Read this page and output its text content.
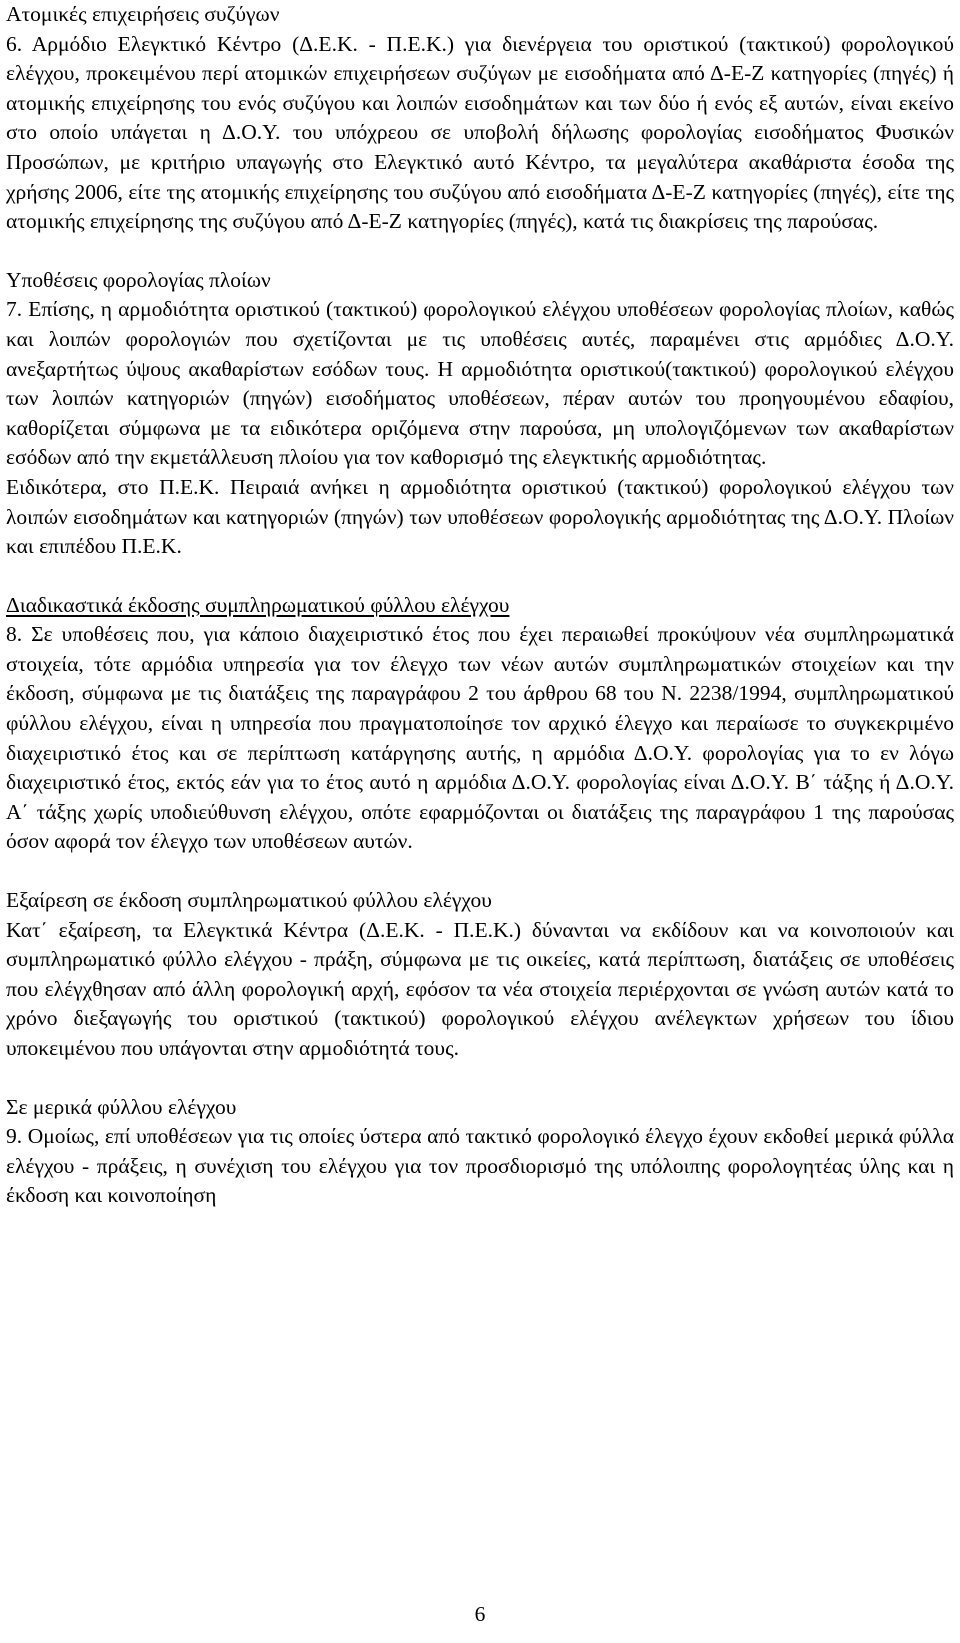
Ατομικές επιχειρήσεις συζύγων

6. Αρμόδιο Ελεγκτικό Κέντρο (Δ.Ε.Κ. - Π.Ε.Κ.) για διενέργεια του οριστικού (τακτικού) φορολογικού ελέγχου, προκειμένου περί ατομικών επιχειρήσεων συζύγων με εισοδήματα από Δ-Ε-Ζ κατηγορίες (πηγές) ή ατομικής επιχείρησης του ενός συζύγου και λοιπών εισοδημάτων και των δύο ή ενός εξ αυτών, είναι εκείνο στο οποίο υπάγεται η Δ.Ο.Υ. του υπόχρεου σε υποβολή δήλωσης φορολογίας εισοδήματος Φυσικών Προσώπων, με κριτήριο υπαγωγής στο Ελεγκτικό αυτό Κέντρο, τα μεγαλύτερα ακαθάριστα έσοδα της χρήσης 2006, είτε της ατομικής επιχείρησης του συζύγου από εισοδήματα Δ-Ε-Ζ κατηγορίες (πηγές), είτε της ατομικής επιχείρησης της συζύγου από Δ-Ε-Ζ κατηγορίες (πηγές), κατά τις διακρίσεις της παρούσας.

Υποθέσεις φορολογίας πλοίων

7. Επίσης, η αρμοδιότητα οριστικού (τακτικού) φορολογικού ελέγχου υποθέσεων φορολογίας πλοίων, καθώς και λοιπών φορολογιών που σχετίζονται με τις υποθέσεις αυτές, παραμένει στις αρμόδιες Δ.Ο.Υ. ανεξαρτήτως ύψους ακαθαρίστων εσόδων τους. Η αρμοδιότητα οριστικού(τακτικού) φορολογικού ελέγχου των λοιπών κατηγοριών (πηγών) εισοδήματος υποθέσεων, πέραν αυτών του προηγουμένου εδαφίου, καθορίζεται σύμφωνα με τα ειδικότερα οριζόμενα στην παρούσα, μη υπολογιζόμενων των ακαθαρίστων εσόδων από την εκμετάλλευση πλοίου για τον καθορισμό της ελεγκτικής αρμοδιότητας.

Ειδικότερα, στο Π.Ε.Κ. Πειραιά ανήκει η αρμοδιότητα οριστικού (τακτικού) φορολογικού ελέγχου των λοιπών εισοδημάτων και κατηγοριών (πηγών) των υποθέσεων φορολογικής αρμοδιότητας της Δ.Ο.Υ. Πλοίων και επιπέδου Π.Ε.Κ.

Διαδικαστικά έκδοσης συμπληρωματικού φύλλου ελέγχου

8. Σε υποθέσεις που, για κάποιο διαχειριστικό έτος που έχει περαιωθεί προκύψουν νέα συμπληρωματικά στοιχεία, τότε αρμόδια υπηρεσία για τον έλεγχο των νέων αυτών συμπληρωματικών στοιχείων και την έκδοση, σύμφωνα με τις διατάξεις της παραγράφου 2 του άρθρου 68 του Ν. 2238/1994, συμπληρωματικού φύλλου ελέγχου, είναι η υπηρεσία που πραγματοποίησε τον αρχικό έλεγχο και περαίωσε το συγκεκριμένο διαχειριστικό έτος και σε περίπτωση κατάργησης αυτής, η αρμόδια Δ.Ο.Υ. φορολογίας για το εν λόγω διαχειριστικό έτος, εκτός εάν για το έτος αυτό η αρμόδια Δ.Ο.Υ. φορολογίας είναι Δ.Ο.Υ. Β΄ τάξης ή Δ.Ο.Υ. Α΄ τάξης χωρίς υποδιεύθυνση ελέγχου, οπότε εφαρμόζονται οι διατάξεις της παραγράφου 1 της παρούσας όσον αφορά τον έλεγχο των υποθέσεων αυτών.

Εξαίρεση σε έκδοση συμπληρωματικού φύλλου ελέγχου

Κατ΄ εξαίρεση, τα Ελεγκτικά Κέντρα (Δ.Ε.Κ. - Π.Ε.Κ.) δύνανται να εκδίδουν και να κοινοποιούν και συμπληρωματικό φύλλο ελέγχου - πράξη, σύμφωνα με τις οικείες, κατά περίπτωση, διατάξεις σε υποθέσεις που ελέγχθησαν από άλλη φορολογική αρχή, εφόσον τα νέα στοιχεία περιέρχονται σε γνώση αυτών κατά το χρόνο διεξαγωγής του οριστικού (τακτικού) φορολογικού ελέγχου ανέλεγκτων χρήσεων του ίδιου υποκειμένου που υπάγονται στην αρμοδιότητά τους.

Σε μερικά φύλλου ελέγχου

9. Ομοίως, επί υποθέσεων για τις οποίες ύστερα από τακτικό φορολογικό έλεγχο έχουν εκδοθεί μερικά φύλλα ελέγχου - πράξεις, η συνέχιση του ελέγχου για τον προσδιορισμό της υπόλοιπης φορολογητέας ύλης και η έκδοση και κοινοποίηση

6
